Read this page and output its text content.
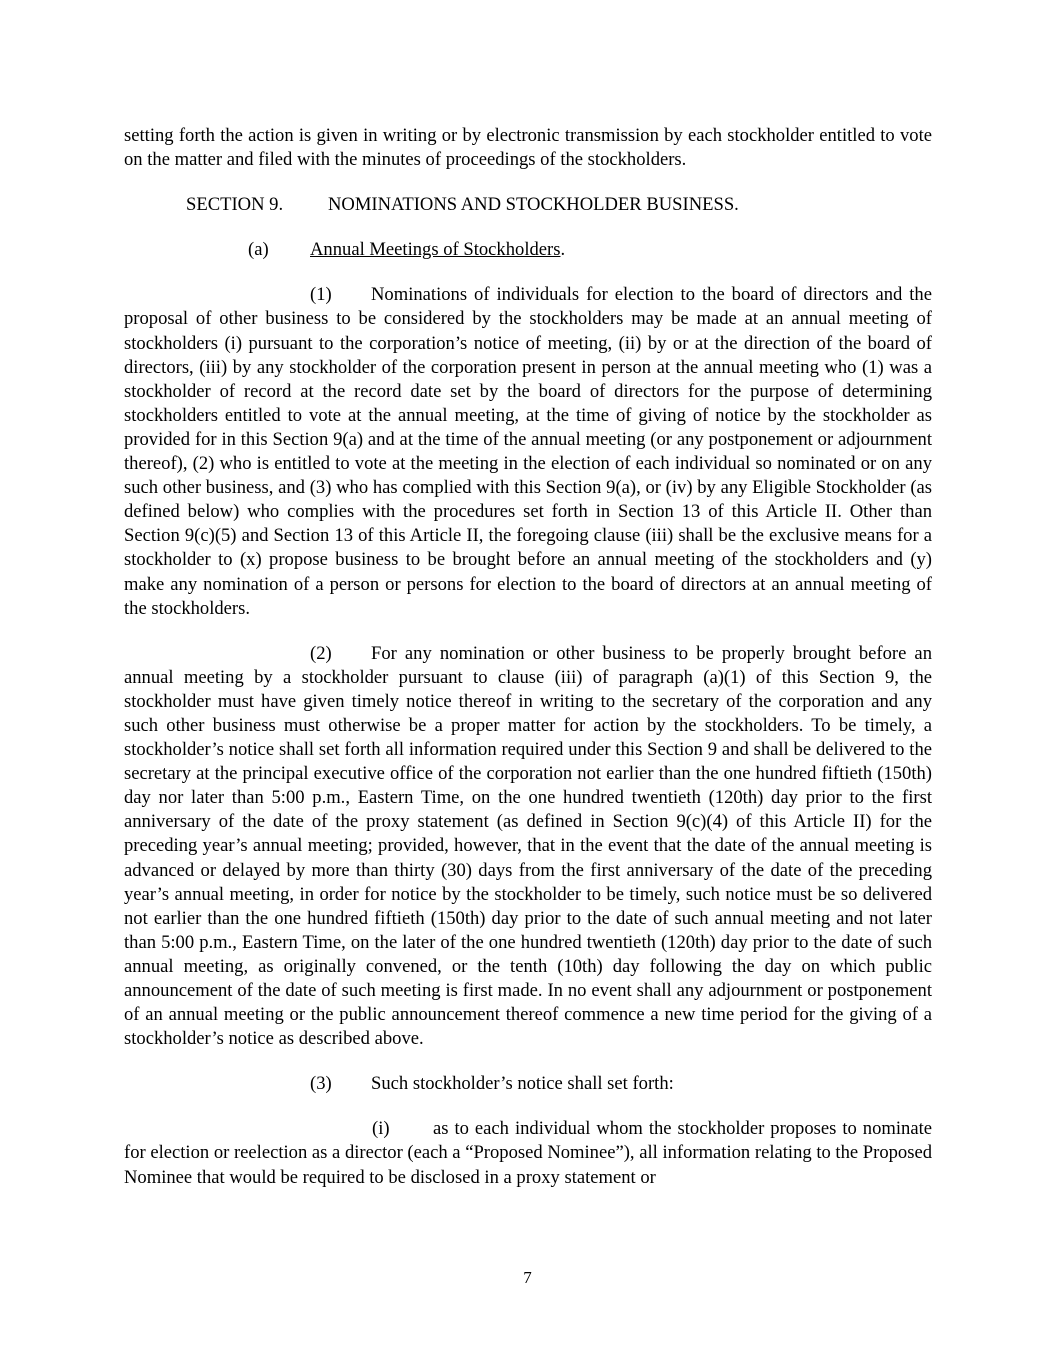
setting forth the action is given in writing or by electronic transmission by each stockholder entitled to vote on the matter and filed with the minutes of proceedings of the stockholders.

SECTION 9. NOMINATIONS AND STOCKHOLDER BUSINESS.

(a) Annual Meetings of Stockholders.

(1) Nominations of individuals for election to the board of directors and the proposal of other business to be considered by the stockholders may be made at an annual meeting of stockholders (i) pursuant to the corporation’s notice of meeting, (ii) by or at the direction of the board of directors, (iii) by any stockholder of the corporation present in person at the annual meeting who (1) was a stockholder of record at the record date set by the board of directors for the purpose of determining stockholders entitled to vote at the annual meeting, at the time of giving of notice by the stockholder as provided for in this Section 9(a) and at the time of the annual meeting (or any postponement or adjournment thereof), (2) who is entitled to vote at the meeting in the election of each individual so nominated or on any such other business, and (3) who has complied with this Section 9(a), or (iv) by any Eligible Stockholder (as defined below) who complies with the procedures set forth in Section 13 of this Article II. Other than Section 9(c)(5) and Section 13 of this Article II, the foregoing clause (iii) shall be the exclusive means for a stockholder to (x) propose business to be brought before an annual meeting of the stockholders and (y) make any nomination of a person or persons for election to the board of directors at an annual meeting of the stockholders.

(2) For any nomination or other business to be properly brought before an annual meeting by a stockholder pursuant to clause (iii) of paragraph (a)(1) of this Section 9, the stockholder must have given timely notice thereof in writing to the secretary of the corporation and any such other business must otherwise be a proper matter for action by the stockholders. To be timely, a stockholder’s notice shall set forth all information required under this Section 9 and shall be delivered to the secretary at the principal executive office of the corporation not earlier than the one hundred fiftieth (150th) day nor later than 5:00 p.m., Eastern Time, on the one hundred twentieth (120th) day prior to the first anniversary of the date of the proxy statement (as defined in Section 9(c)(4) of this Article II) for the preceding year’s annual meeting; provided, however, that in the event that the date of the annual meeting is advanced or delayed by more than thirty (30) days from the first anniversary of the date of the preceding year’s annual meeting, in order for notice by the stockholder to be timely, such notice must be so delivered not earlier than the one hundred fiftieth (150th) day prior to the date of such annual meeting and not later than 5:00 p.m., Eastern Time, on the later of the one hundred twentieth (120th) day prior to the date of such annual meeting, as originally convened, or the tenth (10th) day following the day on which public announcement of the date of such meeting is first made. In no event shall any adjournment or postponement of an annual meeting or the public announcement thereof commence a new time period for the giving of a stockholder’s notice as described above.

(3) Such stockholder’s notice shall set forth:

(i) as to each individual whom the stockholder proposes to nominate for election or reelection as a director (each a “Proposed Nominee”), all information relating to the Proposed Nominee that would be required to be disclosed in a proxy statement or

7
